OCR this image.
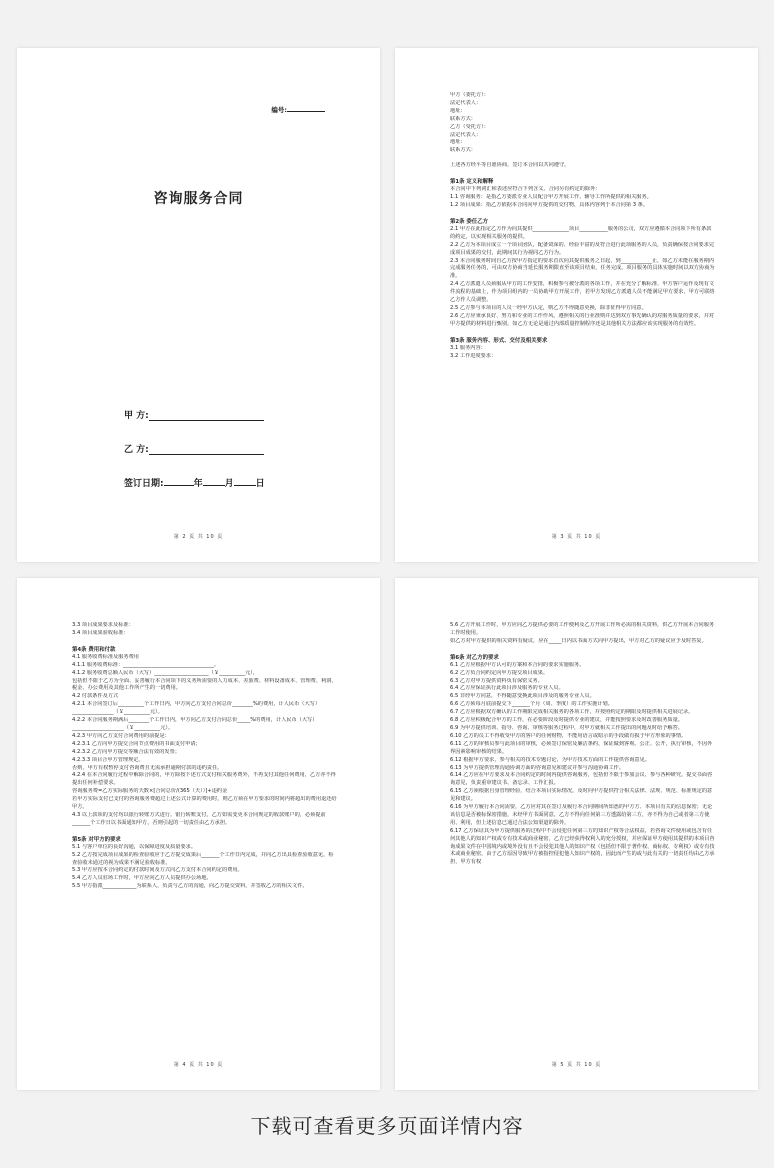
编号:
咨询服务合同
甲 方:
乙 方:
签订日期:	年 月 日
第 2 页 共 10 页
甲方（委托方）：
法定代表人：
地址：
联系方式：
乙方（受托方）：
法定代表人：
地址：
联系方式：
上述各方经平等自愿协商，签订本合同以共同遵守。
第1条 定义和解释
本合同中下列词汇和表述应符合下列含义，合同另有约定的除外：
1.1 咨询服务：是指乙方委派专业人员配合甲方开展工作，辅导工作所提供的相关服务。
1.2 项目成果：指乙方依据本合同向甲方提供的交付物，具体内容列于本合同第 3 条。
第2条 委任乙方
2.1 甲方在此指定乙方作为向其提供______________项目___________服务的公司，双方应遵循本合同项下所有条款的约定，以实现相关服务的提供。
2.2 乙方为本项目成立一个项目团队，配备资深的、经验丰富的及符合进行此项服务的人员，负责确保按合同要求完成项目成果的交付，此期间其行为视同乙方行为。
2.3 本合同服务时间自乙方按甲方指定的要求首次向其提供服务之日起，到____________止，如乙方未能在服务期内完成服务任务的，可由双方协商当延长服务期限直至该项目结束，任务完成。项目服务的具体实施时间以双方协商为准。
2.4 乙方派遣人员须服从甲方的工作安排，积极参与被分派的各项工作，并在充分了解标准、甲方客户运作及现有文件流程的基础上，作为项目组内的一员协助甲方开展工作，若甲方发现乙方派遣人员不能满足甲方要求，甲方可联络乙方作人员调整。
2.5 乙方参与本项目的人员一经甲方认定，则乙方不得随意更换，除非征得甲方同意。
2.6 乙方应秉承良好、努力和专业的工作作风，遵照相关的行业准则并达到双方事先确认的对服务质量的要求，并对甲方提供的材料进行甄别，如乙方无论是通过内部质量控制程序还是其他相关方法都应该实现服务的有效性。
第3条 服务内容、形式、交付及相关要求
3.1 服务内容：
3.2 工作进度要求：
第 3 页 共 10 页
3.3 项目成果要求及标准：
3.4 项目成果验收标准：
第4条 费用和付款
4.1 服务收费标准及服务费用
4.1.1 服务收费标准：___________________________________。
4.1.2 服务收费总额人民币（大写）_____________________（￥__________元），
包括但不限于乙方为全面、妥善履行本合同项下的义务所需要的人力成本、差旅费、材料设备成本、管理费、利润、税金、办公费用及其他工作所产生的一切费用。
4.2 付款条件及方式
4.2.1 本合同签订后__________个工作日内，甲方向乙方支付合同总价________%的费用，计人民币（大写）________________（￥__________元）。
4.2.2 本合同服务期满后________个工作日内，甲方向乙方支付合同总价_____%的费用，计人民币（大写）____________________（￥__________元）。
4.2.3 甲方向乙方支付合同费用的前提是：
4.2.3.1 乙方向甲方提交合同节点费用的书面支付申请；
4.2.3.2 乙方向甲方提交等额合法有效的发票；
4.2.3.3 项目合甲方管理规定。
否则，甲方有权暂停支付咨询费且无需承担逾期付款的违约责任。
4.2.4 在本合同履行过程中解除合同的，甲方除按下述方式支付相关服务费外，不再支付其他任何费用，乙方亦不得提出任何补偿要求。
咨询服务费=乙方实际服务的天数×[合同总价/(365（天））]+违约金
若甲方实际支付已支付的咨询服务费超过上述公式计算的费用时，则乙方须在甲方要求的时间内将超出的费用退还给甲方。
4.3 以上款项的支付均以银行转账方式进行。银行转账支付，乙方如需变更本合同规定的收款账户的，必须提前_______个工作日以书面通知甲方，否则引起的一切责任由乙方承担。
第5条 对甲方的要求
5.1 与客户单位的良好沟通，以保障进度及质量要求。
5.2 乙方按完成项目成果的检查验收应于乙方提交成果后_______个工作日内完成，并向乙方出具检查验收意见，检查验收未通过的视为成果不满足验收标准。
5.3 甲方应按本合同约定的付款时间及方式向乙方支付本合同约定的费用。
5.4 乙方人员驻场工作时，甲方应向乙方人员提供办公场地。
5.5 甲方指派_____________为联系人，负责与乙方的沟通，向乙方提交资料，并签收乙方的相关文件。
第 4 页 共 10 页
5.6 乙方开展工作时，甲方应向乙方提供必要的工作便利及乙方开展工作所必需的相关资料，供乙方开展本合同服务工作时使用。
如乙方对甲方提供的相关资料有疑议，应在_____日内以书面方式向甲方提出，甲方对乙方的疑议应予及时答复。
第6条 对乙方的要求
6.1 乙方应根据甲方认可的方案和本合同的要求实施服务。
6.2 乙方负合同约定向甲方提交项目成果。
6.3 乙方对甲方提供资料负有保密义务。
6.4 乙方应保证执行此项目涉及服务的专业人员。
6.5 非经甲方同意，不得随意变换此项目涉及的服务专业人员。
6.6 乙方须每月底前提交下_______个月（周、季度）的工作实施计划。
6.7 乙方应根据双方确认的工作期限完成相关服务的各项工作，并按照约定的期限及时提供相关进展记录。
6.8 乙方应积极配合甲方的工作，在必要阶段及时提供专业的建议，并能按照要求及时改善服务质量。
6.9 为甲方提供培训、指导、咨询、审核等服务过程中，对甲方就相关工作提出的问题及时给予解答。
6.10 乙方的员工不得收受甲方的客户的任何财物，不能用语言或暗示的手段做有损于甲方形象的事情。
6.11 乙方的审核员参与此项目的审核，必须签订保密及廉洁条约，保证做到客观、公正、公开，执行审核，不因外界因素影响审核的结果。
6.12 根据甲方要求，参与相关的技术专题讨论，为甲方技术方面的工作提供咨询意见。
6.13 为甲方提供管理沟通协调方面的咨询意见和建议并参与沟通协调工作。
6.14 乙方应在甲方要求及本合同约定的时间内提供咨询服务，包括但不限于参加会议、参与各种研究，提交书面咨询意见，负责重审建议书、备忘录、工作汇报。
6.15 乙方须根据自身管理经验，结合本项目实际情况，及时向甲方提供符合相关法律、法规、规范、标准规定的意见和建议。
6.16 为甲方履行本合同需要，乙方应对其在签订及履行本合同期间所知悉的甲方方、本项目有关的信息保密；无论该信息是否被标保密措施，未经甲方书面同意，乙方不得向任何第三方透露给第三方，亦不得为自己或者第三方使用、利用，但上述信息已通过合法公知渠道的除外。
6.17 乙方保证其为甲方提供服务的过程中不会侵犯任何第三方的知识产权等合法权益，若咨询文件使用或包含有任何其他人的知识产权或专有技术或商业秘密，乙方已经获得权利人的充分授权，并应保证甲方使用其提供的本项目咨询成果文件在中国境内或境外没有且不会侵犯其他人的知识产权（包括但不限于著作权、商标权、专利权）或专有技术或商业秘密，由于乙方原因导致甲方被指控侵犯他人知识产权的，因此而产生的或与此有关的一切责任均由乙方承担，甲方有权
第 5 页 共 10 页
下载可查看更多页面详情内容
